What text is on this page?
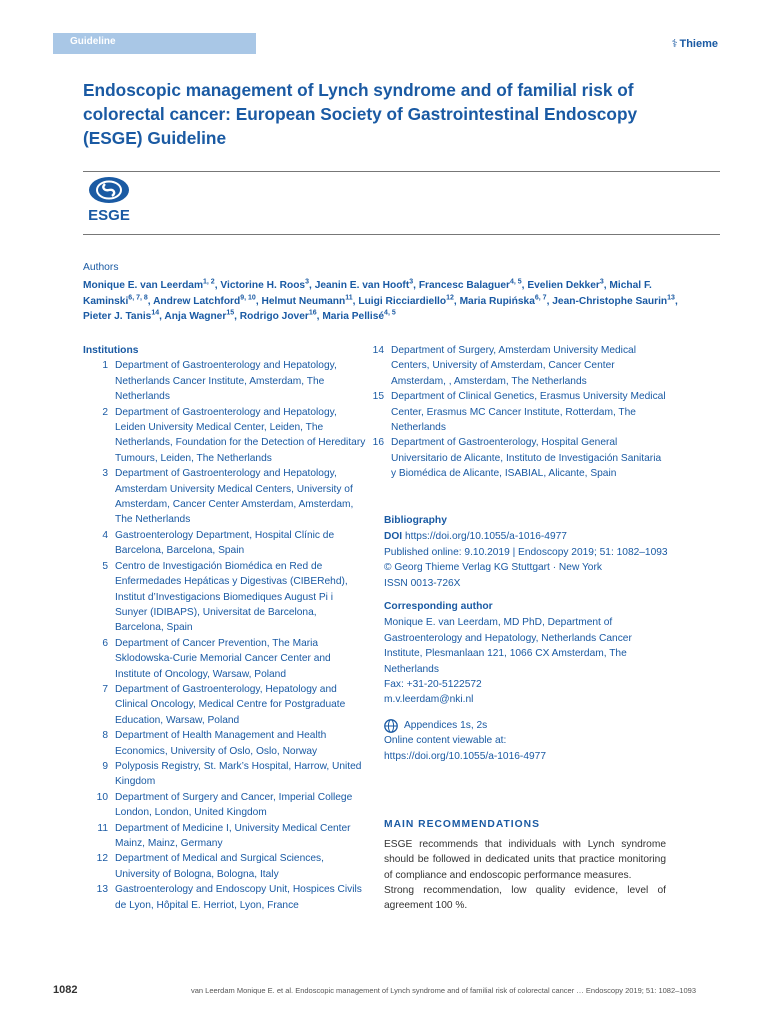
Guideline	⚕ Thieme
Endoscopic management of Lynch syndrome and of familial risk of colorectal cancer: European Society of Gastrointestinal Endoscopy (ESGE) Guideline
ESGE
Authors
Monique E. van Leerdam$^{1, 2}$, Victorine H. Roos$^3$, Jeanin E. van Hooft$^3$, Francesc Balaguer$^{4, 5}$, Evelien Dekker$^3$, Michal F. Kaminski$^{6, 7, 8}$, Andrew Latchford$^{9, 10}$, Helmut Neumann$^{11}$, Luigi Ricciardiello$^{12}$, Maria Rupińska$^{6, 7}$, Jean-Christophe Saurin$^{13}$, Pieter J. Tanis$^{14}$, Anja Wagner$^{15}$, Rodrigo Jover$^{16}$, Maria Pellisé$^{4, 5}$
Institutions
1 Department of Gastroenterology and Hepatology, Netherlands Cancer Institute, Amsterdam, The Netherlands
2 Department of Gastroenterology and Hepatology, Leiden University Medical Center, Leiden, The Netherlands, Foundation for the Detection of Hereditary Tumours, Leiden, The Netherlands
3 Department of Gastroenterology and Hepatology, Amsterdam University Medical Centers, University of Amsterdam, Cancer Center Amsterdam, Amsterdam, The Netherlands
4 Gastroenterology Department, Hospital Clínic de Barcelona, Barcelona, Spain
5 Centro de Investigación Biomédica en Red de Enfermedades Hepáticas y Digestivas (CIBERehd), Institut d’Investigacions Biomediques August Pi i Sunyer (IDIBAPS), Universitat de Barcelona, Barcelona, Spain
6 Department of Cancer Prevention, The Maria Sklodowska-Curie Memorial Cancer Center and Institute of Oncology, Warsaw, Poland
7 Department of Gastroenterology, Hepatology and Clinical Oncology, Medical Centre for Postgraduate Education, Warsaw, Poland
8 Department of Health Management and Health Economics, University of Oslo, Oslo, Norway
9 Polyposis Registry, St. Mark’s Hospital, Harrow, United Kingdom
10 Department of Surgery and Cancer, Imperial College London, London, United Kingdom
11 Department of Medicine I, University Medical Center Mainz, Mainz, Germany
12 Department of Medical and Surgical Sciences, University of Bologna, Bologna, Italy
13 Gastroenterology and Endoscopy Unit, Hospices Civils de Lyon, Hôpital E. Herriot, Lyon, France
14 Department of Surgery, Amsterdam University Medical Centers, University of Amsterdam, Cancer Center Amsterdam, , Amsterdam, The Netherlands
15 Department of Clinical Genetics, Erasmus University Medical Center, Erasmus MC Cancer Institute, Rotterdam, The Netherlands
16 Department of Gastroenterology, Hospital General Universitario de Alicante, Instituto de Investigación Sanitaria y Biomédica de Alicante, ISABIAL, Alicante, Spain
Bibliography
DOI https://doi.org/10.1055/a-1016-4977
Published online: 9.10.2019 | Endoscopy 2019; 51: 1082–1093
© Georg Thieme Verlag KG Stuttgart · New York
ISSN 0013-726X
Corresponding author
Monique E. van Leerdam, MD PhD, Department of Gastroenterology and Hepatology, Netherlands Cancer Institute, Plesmanlaan 121, 1066 CX Amsterdam, The Netherlands
Fax: +31-20-5122572
m.v.leerdam@nki.nl
Appendices 1s, 2s
Online content viewable at:
https://doi.org/10.1055/a-1016-4977
MAIN RECOMMENDATIONS

ESGE recommends that individuals with Lynch syndrome should be followed in dedicated units that practice monitoring of compliance and endoscopic performance measures.

Strong recommendation, low quality evidence, level of agreement 100 %.

1082	van Leerdam Monique E. et al. Endoscopic management of Lynch syndrome and of familial risk of colorectal cancer … Endoscopy 2019; 51: 1082–1093
